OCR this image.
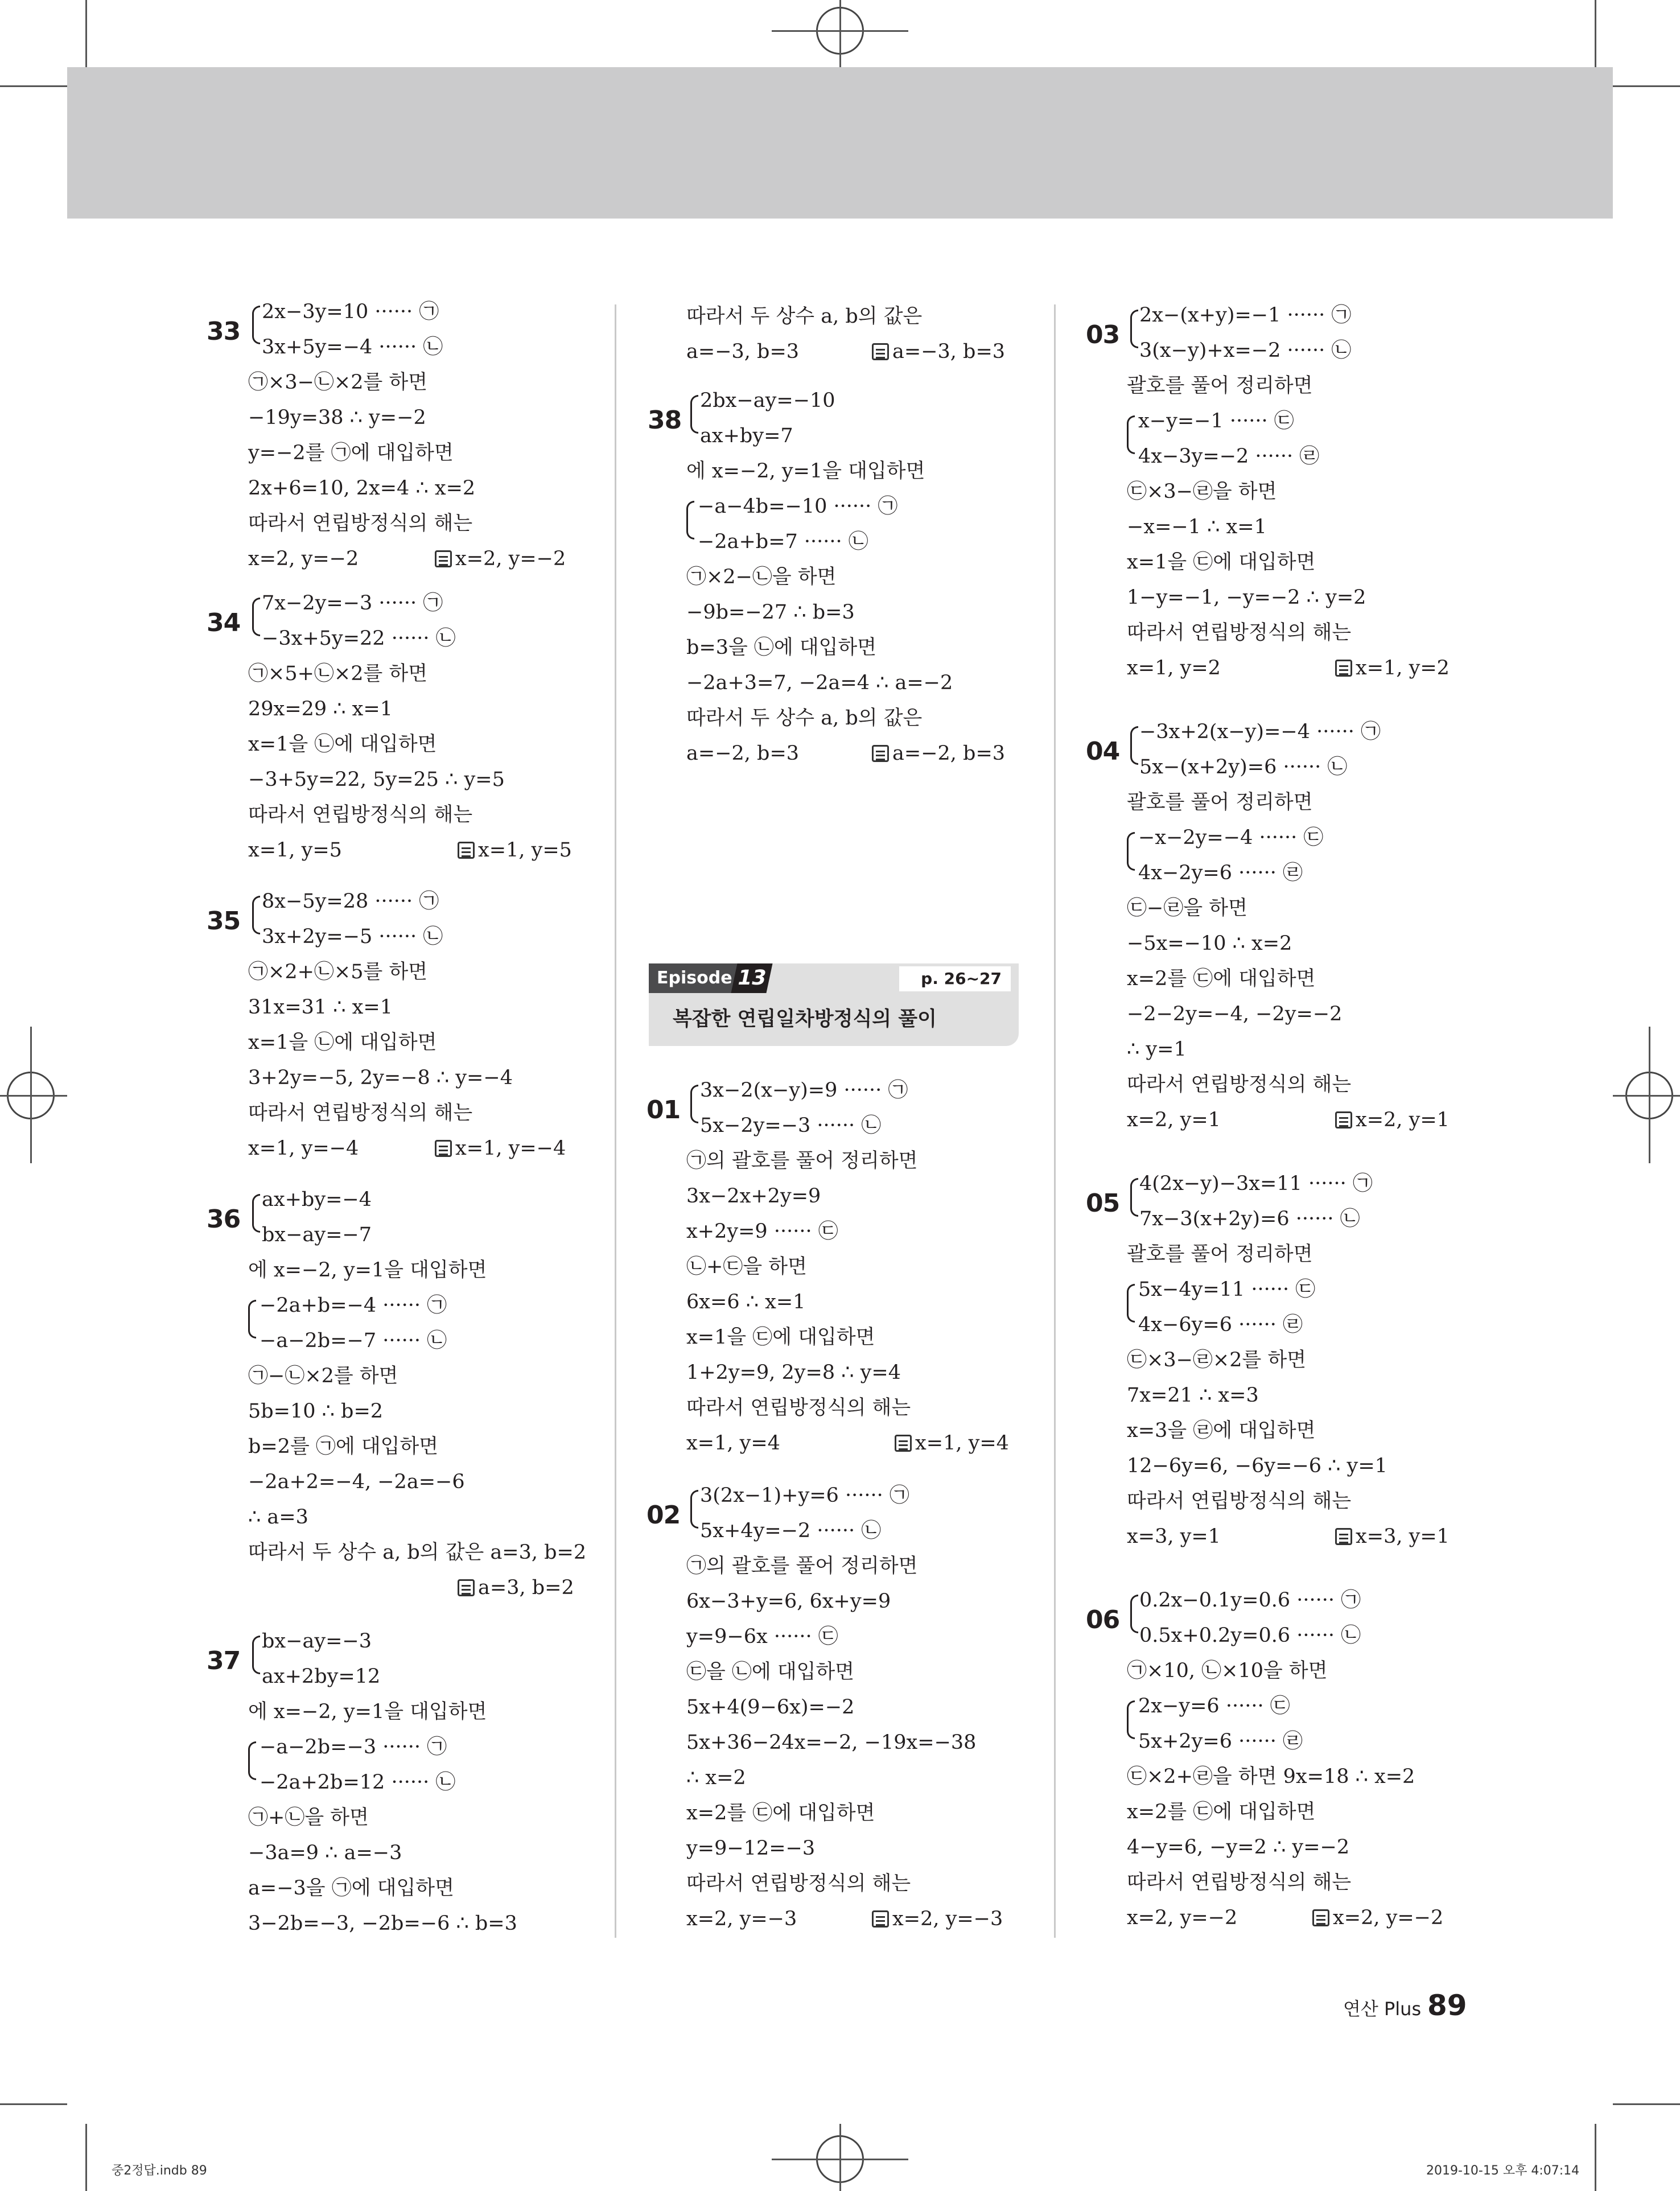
33
2x−3y=10 ······ ㉠
3x+5y=−4 ······ ㉡
㉠×3−㉡×2를 하면
−19y=38 ∴ y=−2
y=−2를 ㉠에 대입하면
2x+6=10, 2x=4 ∴ x=2
따라서 연립방정식의 해는
x=2, y=−2	x=2, y=−2
34
7x−2y=−3 ······ ㉠
−3x+5y=22 ······ ㉡
㉠×5+㉡×2를 하면
29x=29 ∴ x=1
x=1을 ㉡에 대입하면
−3+5y=22, 5y=25 ∴ y=5
따라서 연립방정식의 해는
x=1, y=5	x=1, y=5
35
8x−5y=28 ······ ㉠
3x+2y=−5 ······ ㉡
㉠×2+㉡×5를 하면
31x=31 ∴ x=1
x=1을 ㉡에 대입하면
3+2y=−5, 2y=−8 ∴ y=−4
따라서 연립방정식의 해는
x=1, y=−4	x=1, y=−4
36
ax+by=−4
bx−ay=−7
에 x=−2, y=1을 대입하면
−2a+b=−4 ······ ㉠
−a−2b=−7 ······ ㉡
㉠−㉡×2를 하면
5b=10 ∴ b=2
b=2를 ㉠에 대입하면
−2a+2=−4, −2a=−6
∴ a=3
따라서 두 상수 a, b의 값은 a=3, b=2
a=3, b=2
37
bx−ay=−3
ax+2by=12
에 x=−2, y=1을 대입하면
−a−2b=−3 ······ ㉠
−2a+2b=12 ······ ㉡
㉠+㉡을 하면
−3a=9 ∴ a=−3
a=−3을 ㉠에 대입하면
3−2b=−3, −2b=−6 ∴ b=3
따라서 두 상수 a, b의 값은
a=−3, b=3	a=−3, b=3
38
2bx−ay=−10
ax+by=7
에 x=−2, y=1을 대입하면
−a−4b=−10 ······ ㉠
−2a+b=7 ······ ㉡
㉠×2−㉡을 하면
−9b=−27 ∴ b=3
b=3을 ㉡에 대입하면
−2a+3=7, −2a=4 ∴ a=−2
따라서 두 상수 a, b의 값은
a=−2, b=3	a=−2, b=3
Episode 13	p. 26~27
복잡한 연립일차방정식의 풀이
01
3x−2(x−y)=9 ······ ㉠
5x−2y=−3 ······ ㉡
㉠의 괄호를 풀어 정리하면
3x−2x+2y=9
x+2y=9 ······ ㉢
㉡+㉢을 하면
6x=6 ∴ x=1
x=1을 ㉢에 대입하면
1+2y=9, 2y=8 ∴ y=4
따라서 연립방정식의 해는
x=1, y=4	x=1, y=4
02
3(2x−1)+y=6 ······ ㉠
5x+4y=−2 ······ ㉡
㉠의 괄호를 풀어 정리하면
6x−3+y=6, 6x+y=9
y=9−6x ······ ㉢
㉢을 ㉡에 대입하면
5x+4(9−6x)=−2
5x+36−24x=−2, −19x=−38
∴ x=2
x=2를 ㉢에 대입하면
y=9−12=−3
따라서 연립방정식의 해는
x=2, y=−3	x=2, y=−3
03
2x−(x+y)=−1 ······ ㉠
3(x−y)+x=−2 ······ ㉡
괄호를 풀어 정리하면
x−y=−1 ······ ㉢
4x−3y=−2 ······ ㉣
㉢×3−㉣을 하면
−x=−1 ∴ x=1
x=1을 ㉢에 대입하면
1−y=−1, −y=−2 ∴ y=2
따라서 연립방정식의 해는
x=1, y=2	x=1, y=2
04
−3x+2(x−y)=−4 ······ ㉠
5x−(x+2y)=6 ······ ㉡
괄호를 풀어 정리하면
−x−2y=−4 ······ ㉢
4x−2y=6 ······ ㉣
㉢−㉣을 하면
−5x=−10 ∴ x=2
x=2를 ㉢에 대입하면
−2−2y=−4, −2y=−2
∴ y=1
따라서 연립방정식의 해는
x=2, y=1	x=2, y=1
05
4(2x−y)−3x=11 ······ ㉠
7x−3(x+2y)=6 ······ ㉡
괄호를 풀어 정리하면
5x−4y=11 ······ ㉢
4x−6y=6 ······ ㉣
㉢×3−㉣×2를 하면
7x=21 ∴ x=3
x=3을 ㉣에 대입하면
12−6y=6, −6y=−6 ∴ y=1
따라서 연립방정식의 해는
x=3, y=1	x=3, y=1
06
0.2x−0.1y=0.6 ······ ㉠
0.5x+0.2y=0.6 ······ ㉡
㉠×10, ㉡×10을 하면
2x−y=6 ······ ㉢
5x+2y=6 ······ ㉣
㉢×2+㉣을 하면 9x=18 ∴ x=2
x=2를 ㉢에 대입하면
4−y=6, −y=2 ∴ y=−2
따라서 연립방정식의 해는
x=2, y=−2	x=2, y=−2
연산 Plus 89
중2정답.indb 89	2019-10-15 오후 4:07:14
